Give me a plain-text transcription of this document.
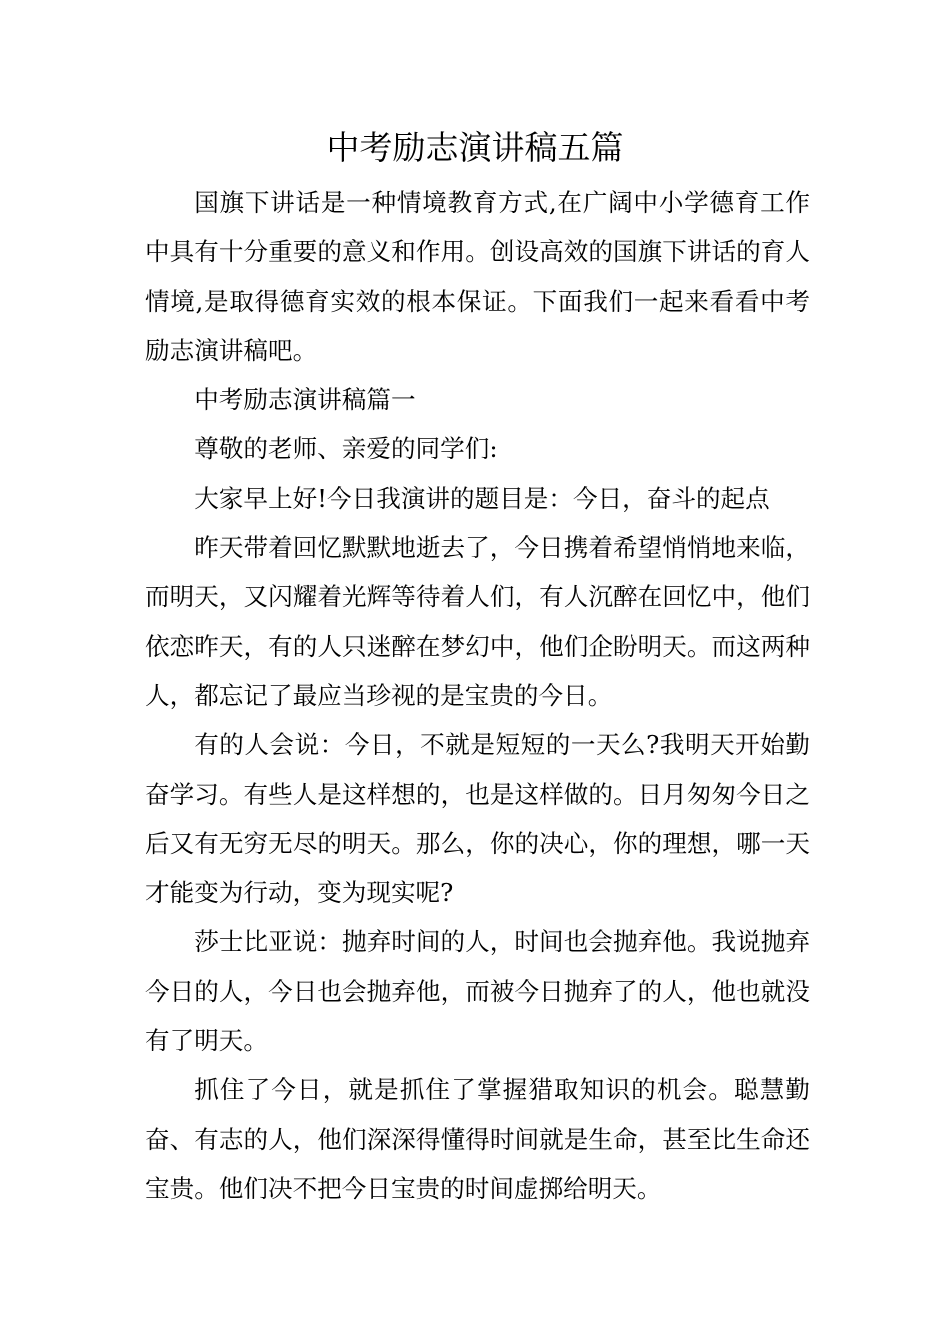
中考励志演讲稿五篇

国旗下讲话是一种情境教育方式,在广阔中小学德育工作中具有十分重要的意义和作用。创设高效的国旗下讲话的育人情境,是取得德育实效的根本保证。下面我们一起来看看中考励志演讲稿吧。

中考励志演讲稿篇一

尊敬的老师、亲爱的同学们:

大家早上好!今日我演讲的题目是：今日，奋斗的起点

昨天带着回忆默默地逝去了，今日携着希望悄悄地来临，而明天，又闪耀着光辉等待着人们，有人沉醉在回忆中，他们依恋昨天，有的人只迷醉在梦幻中，他们企盼明天。而这两种人，都忘记了最应当珍视的是宝贵的今日。

有的人会说：今日，不就是短短的一天么?我明天开始勤奋学习。有些人是这样想的，也是这样做的。日月匆匆今日之后又有无穷无尽的明天。那么，你的决心，你的理想，哪一天才能变为行动，变为现实呢?

莎士比亚说：抛弃时间的人，时间也会抛弃他。我说抛弃今日的人，今日也会抛弃他，而被今日抛弃了的人，他也就没有了明天。

抓住了今日，就是抓住了掌握猎取知识的机会。聪慧勤奋、有志的人，他们深深得懂得时间就是生命，甚至比生命还宝贵。他们决不把今日宝贵的时间虚掷给明天。
